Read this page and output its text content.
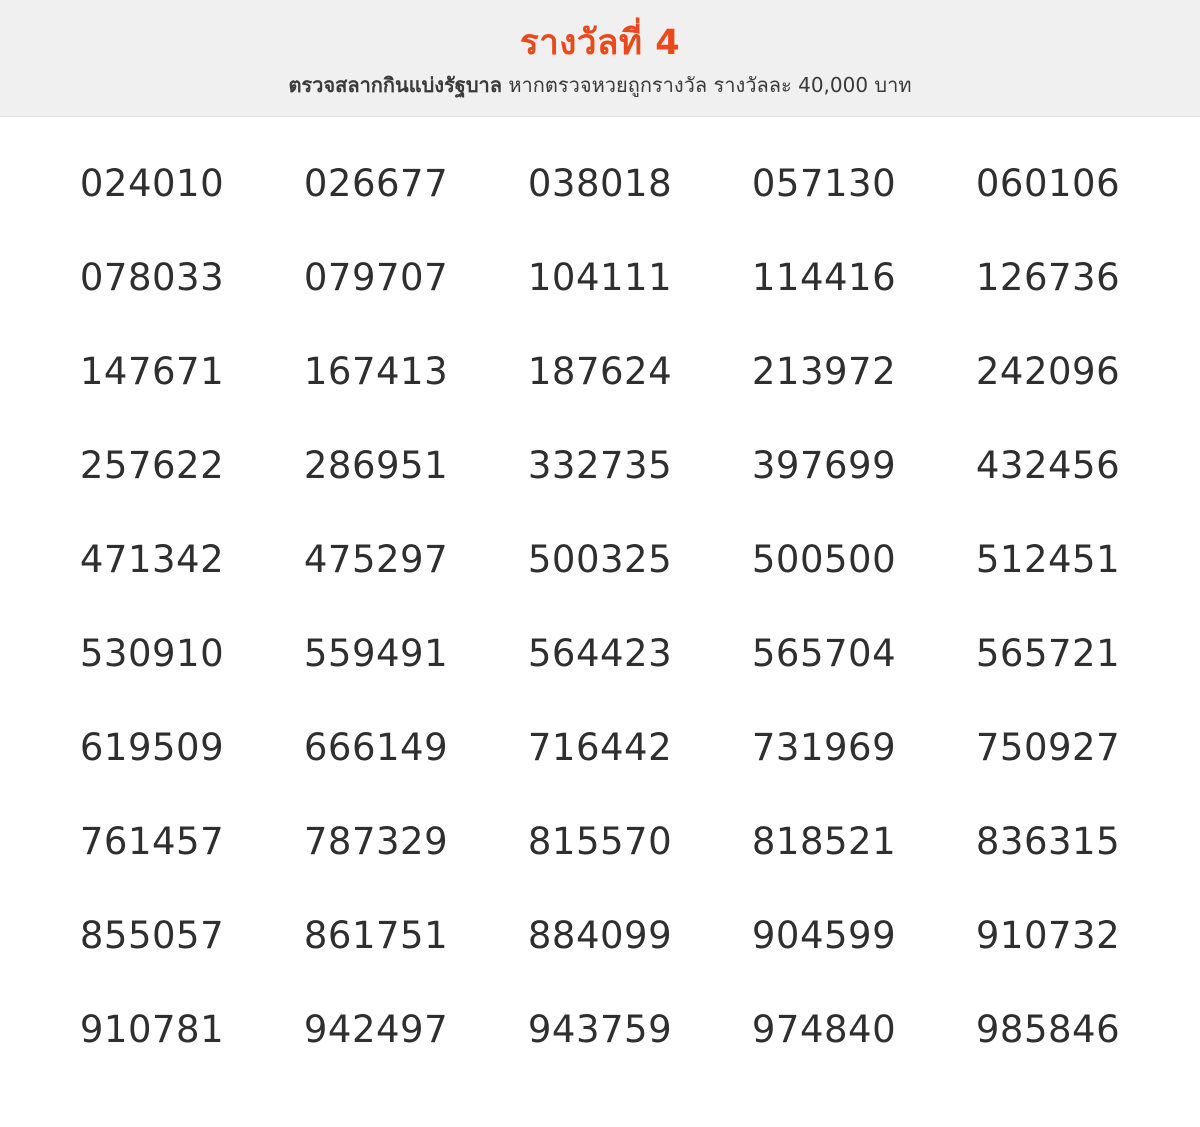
รางวัลที่ 4
ตรวจสลากกินแบ่งรัฐบาล หากตรวจหวยถูกรางวัล รางวัลละ 40,000 บาท
024010	026677	038018	057130	060106
078033	079707	104111	114416	126736
147671	167413	187624	213972	242096
257622	286951	332735	397699	432456
471342	475297	500325	500500	512451
530910	559491	564423	565704	565721
619509	666149	716442	731969	750927
761457	787329	815570	818521	836315
855057	861751	884099	904599	910732
910781	942497	943759	974840	985846
